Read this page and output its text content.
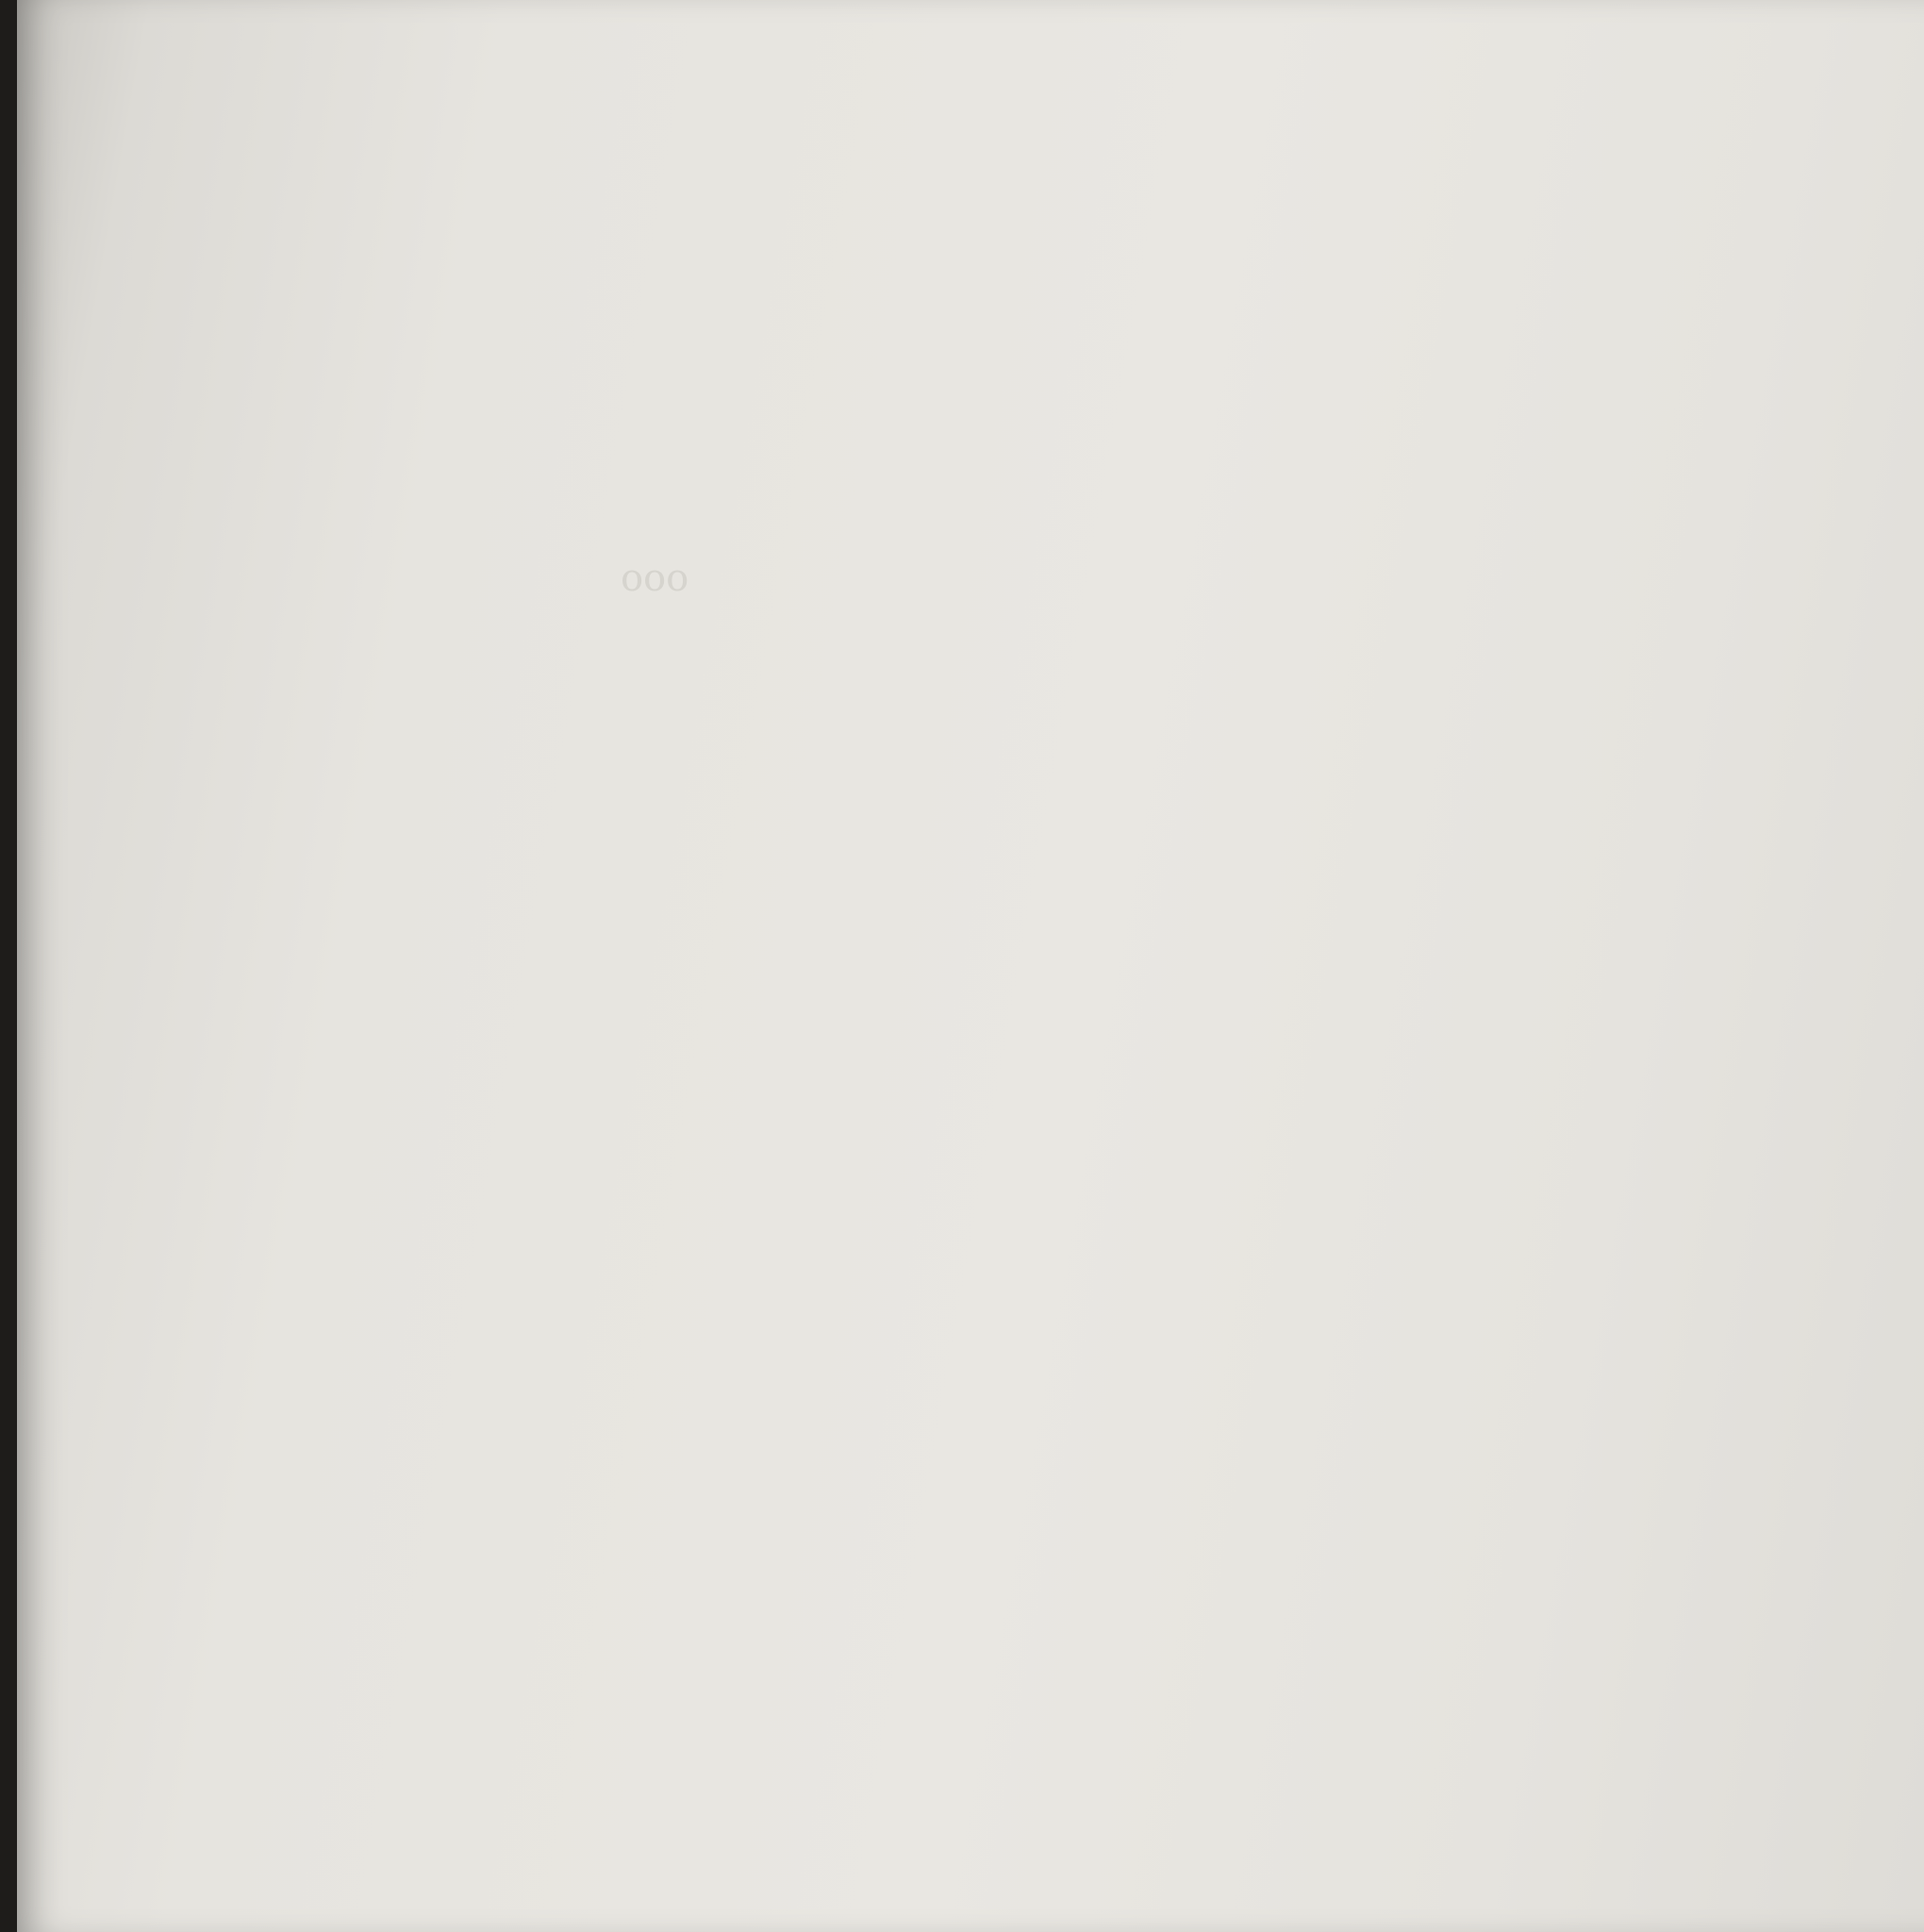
ooo
